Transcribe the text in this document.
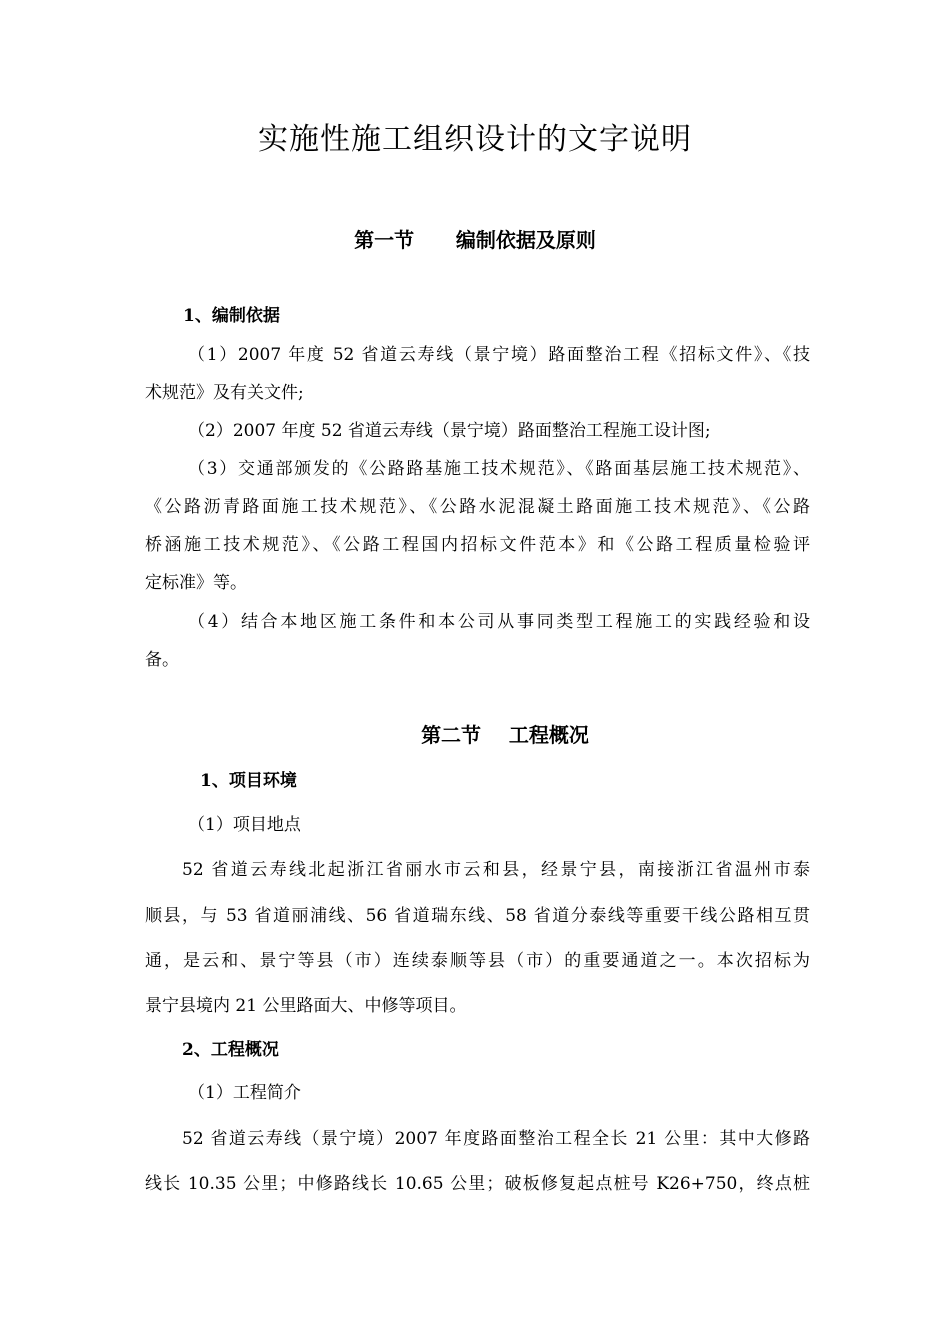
实施性施工组织设计的文字说明
第一节      编制依据及原则
1、编制依据

（1）2007 年度 52 省道云寿线（景宁境）路面整治工程《招标文件》、《技

术规范》及有关文件;

（2）2007 年度 52 省道云寿线（景宁境）路面整治工程施工设计图;

（3）交通部颁发的《公路路基施工技术规范》、《路面基层施工技术规范》、

《公路沥青路面施工技术规范》、《公路水泥混凝土路面施工技术规范》、《公路

桥涵施工技术规范》、《公路工程国内招标文件范本》和《公路工程质量检验评

定标准》等。

（4）结合本地区施工条件和本公司从事同类型工程施工的实践经验和设

备。

第二节    工程概况
1、项目环境

（1）项目地点

52 省道云寿线北起浙江省丽水市云和县，经景宁县，南接浙江省温州市泰

顺县，与 53 省道丽浦线、56 省道瑞东线、58 省道分泰线等重要干线公路相互贯

通，是云和、景宁等县（市）连续泰顺等县（市）的重要通道之一。本次招标为

景宁县境内 21 公里路面大、中修等项目。

2、工程概况

（1）工程简介

52 省道云寿线（景宁境）2007 年度路面整治工程全长 21 公里：其中大修路

线长 10.35 公里；中修路线长 10.65 公里；破板修复起点桩号 K26+750，终点桩
